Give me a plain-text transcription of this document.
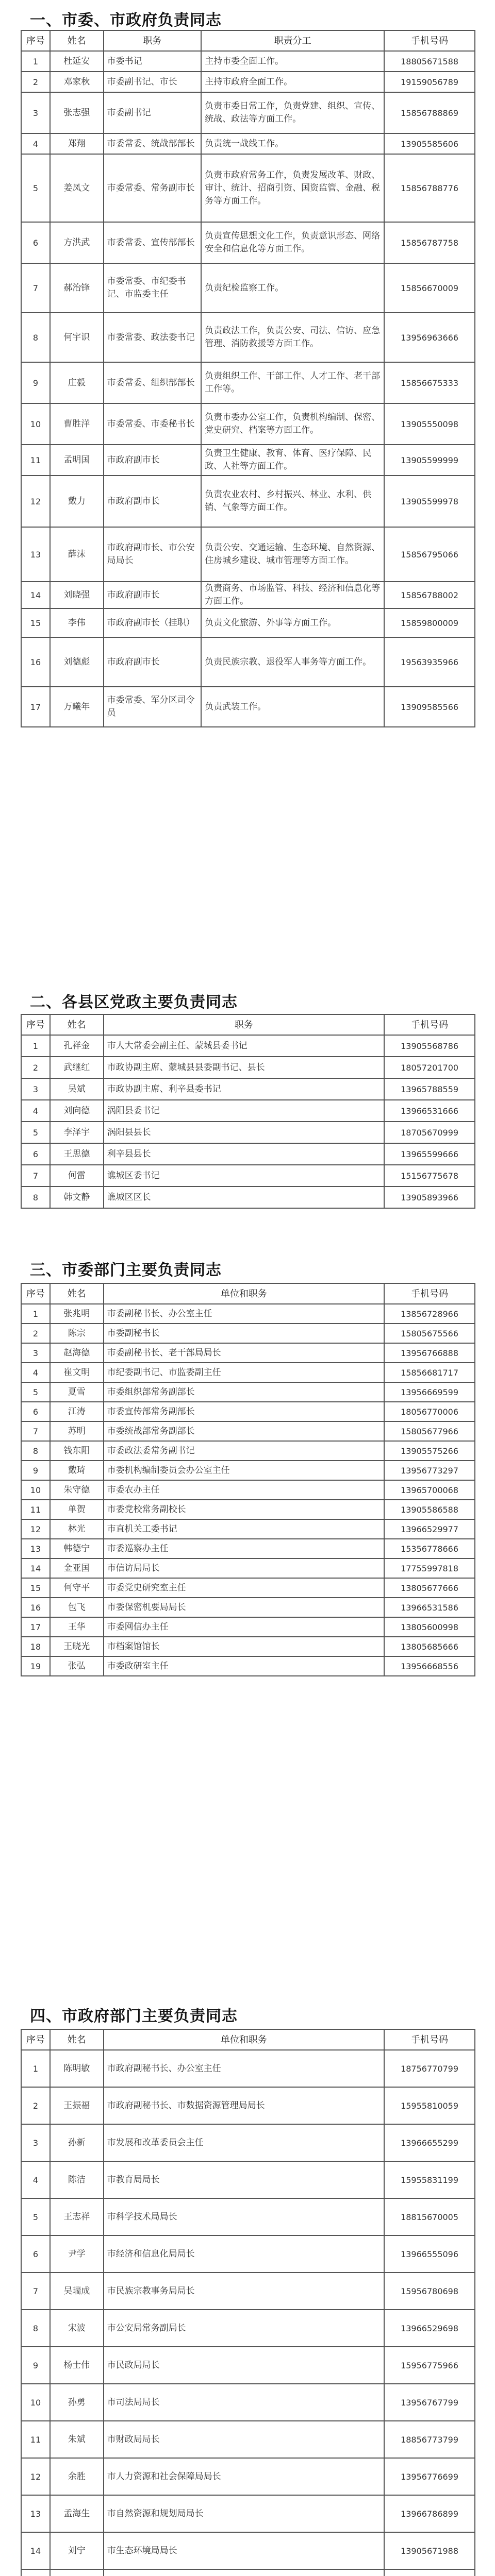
一、市委、市政府负责同志
序号	姓名	职务	职责分工	手机号码
1	杜延安	市委书记	主持市委全面工作。	18805671588
2	邓家秋	市委副书记、市长	主持市政府全面工作。	19159056789
3	张志强	市委副书记	负责市委日常工作，负责党建、组织、宣传、统战、政法等方面工作。	15856788869
4	郑翔	市委常委、统战部部长	负责统一战线工作。	13905585606
5	姜凤文	市委常委、常务副市长	负责市政府常务工作，负责发展改革、财政、审计、统计、招商引资、国资监管、金融、税务等方面工作。	15856788776
6	方洪武	市委常委、宣传部部长	负责宣传思想文化工作，负责意识形态、网络安全和信息化等方面工作。	15856787758
7	郝治锋	市委常委、市纪委书记、市监委主任	负责纪检监察工作。	15856670009
8	何宇识	市委常委、政法委书记	负责政法工作，负责公安、司法、信访、应急管理、消防救援等方面工作。	13956963666
9	庄毅	市委常委、组织部部长	负责组织工作、干部工作、人才工作、老干部工作等。	15856675333
10	曹胜洋	市委常委、市委秘书长	负责市委办公室工作，负责机构编制、保密、党史研究、档案等方面工作。	13905550098
11	孟明国	市政府副市长	负责卫生健康、教育、体育、医疗保障、民政、人社等方面工作。	13905599999
12	戴力	市政府副市长	负责农业农村、乡村振兴、林业、水利、供销、气象等方面工作。	13905599978
13	薛沫	市政府副市长、市公安局局长	负责公安、交通运输、生态环境、自然资源、住房城乡建设、城市管理等方面工作。	15856795066
14	刘晓强	市政府副市长	负责商务、市场监管、科技、经济和信息化等方面工作。	15856788002
15	李伟	市政府副市长（挂职）	负责文化旅游、外事等方面工作。	15859800009
16	刘德彪	市政府副市长	负责民族宗教、退役军人事务等方面工作。	19563935966
17	万曦年	市委常委、军分区司令员	负责武装工作。	13909585566
二、各县区党政主要负责同志
序号	姓名	职务	手机号码
1	孔祥金	市人大常委会副主任、蒙城县委书记	13905568786
2	武继红	市政协副主席、蒙城县县委副书记、县长	18057201700
3	吴斌	市政协副主席、利辛县委书记	13965788559
4	刘向德	涡阳县委书记	13966531666
5	李泽宇	涡阳县县长	18705670999
6	王思德	利辛县县长	13965599666
7	何雷	谯城区委书记	15156775678
8	韩文静	谯城区区长	13905893966
三、市委部门主要负责同志
序号	姓名	单位和职务	手机号码
1	张兆明	市委副秘书长、办公室主任	13856728966
2	陈宗	市委副秘书长	15805675566
3	赵海德	市委副秘书长、老干部局局长	13956766888
4	崔文明	市纪委副书记、市监委副主任	15856681717
5	夏雪	市委组织部常务副部长	13956669599
6	江涛	市委宣传部常务副部长	18056770006
7	苏明	市委统战部常务副部长	15805677966
8	钱东阳	市委政法委常务副书记	13905575266
9	戴琦	市委机构编制委员会办公室主任	13956773297
10	朱守德	市委农办主任	13965700068
11	单贺	市委党校常务副校长	13905586588
12	林光	市直机关工委书记	13966529977
13	韩德宁	市委巡察办主任	15356778666
14	金亚国	市信访局局长	17755997818
15	何守平	市委党史研究室主任	13805677666
16	包飞	市委保密机要局局长	13966531586
17	王华	市委网信办主任	13805600998
18	王晓光	市档案馆馆长	13805685666
19	张弘	市委政研室主任	13956668556
四、市政府部门主要负责同志
序号	姓名	单位和职务	手机号码
1	陈明敏	市政府副秘书长、办公室主任	18756770799
2	王振福	市政府副秘书长、市数据资源管理局局长	15955810059
3	孙新	市发展和改革委员会主任	13966655299
4	陈洁	市教育局局长	15955831199
5	王志祥	市科学技术局局长	18815670005
6	尹学	市经济和信息化局局长	13966555096
7	吴瑞成	市民族宗教事务局局长	15956780698
8	宋波	市公安局常务副局长	13966529698
9	杨士伟	市民政局局长	15956775966
10	孙勇	市司法局局长	13956767799
11	朱斌	市财政局局长	18856773799
12	余胜	市人力资源和社会保障局局长	13956776699
13	孟海生	市自然资源和规划局局长	13966786899
14	刘宁	市生态环境局局长	13905671988
